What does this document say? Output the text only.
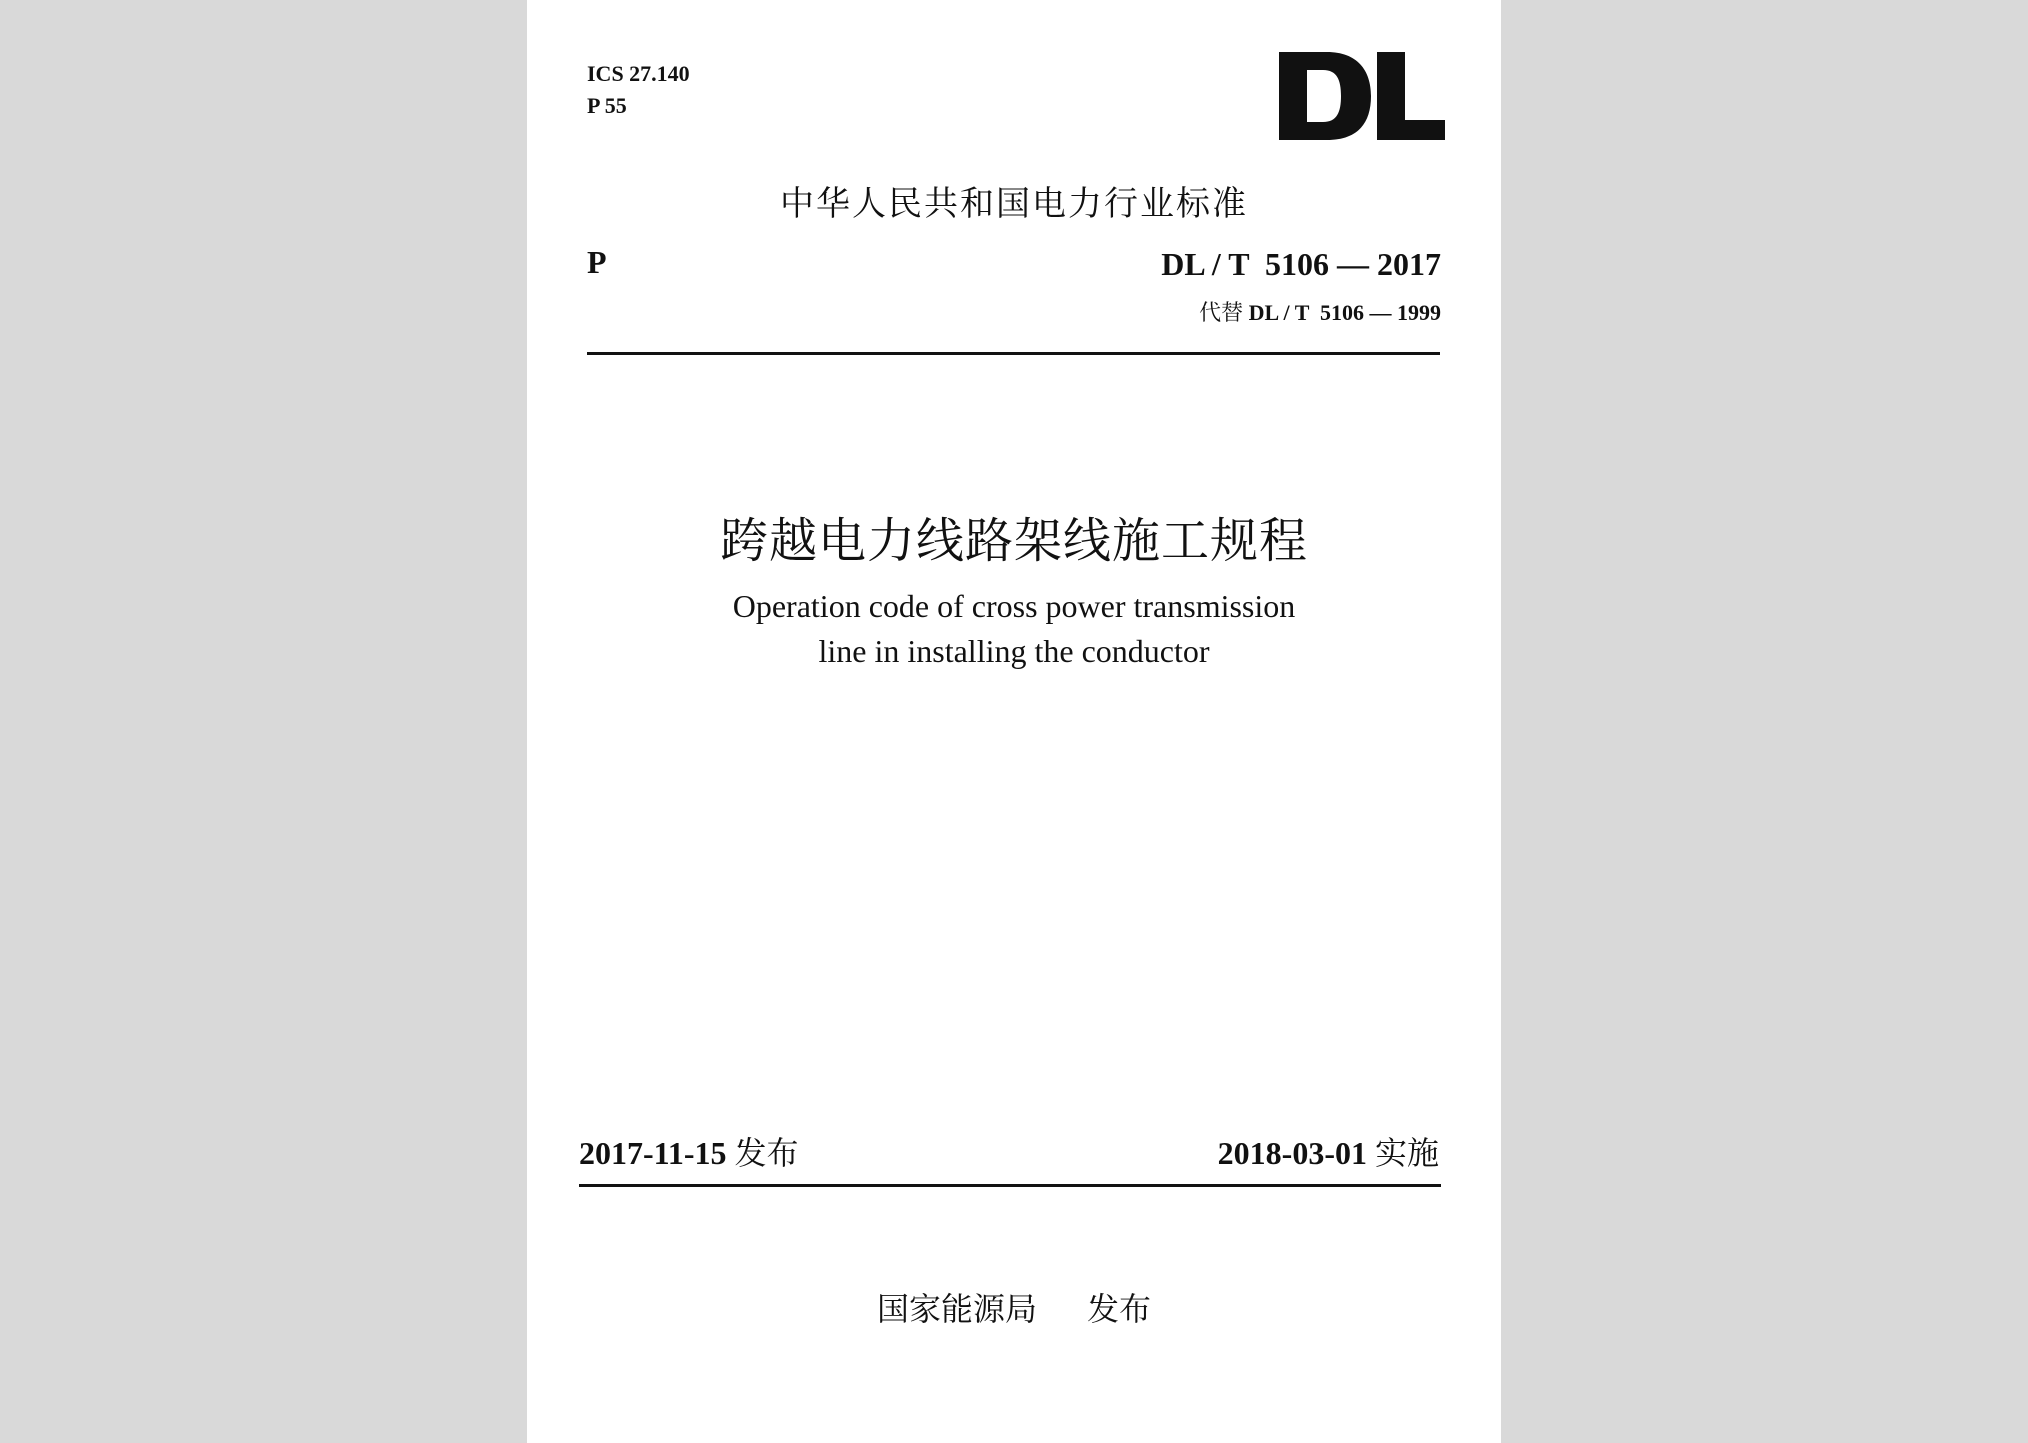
ICS 27.140
P 55
中华人民共和国电力行业标准
P	DL / T  5106 — 2017
代替 DL / T  5106 — 1999
跨越电力线路架线施工规程
Operation code of cross power transmission
line in installing the conductor
2017-11-15 发布	2018-03-01 实施
国家能源局 发布
